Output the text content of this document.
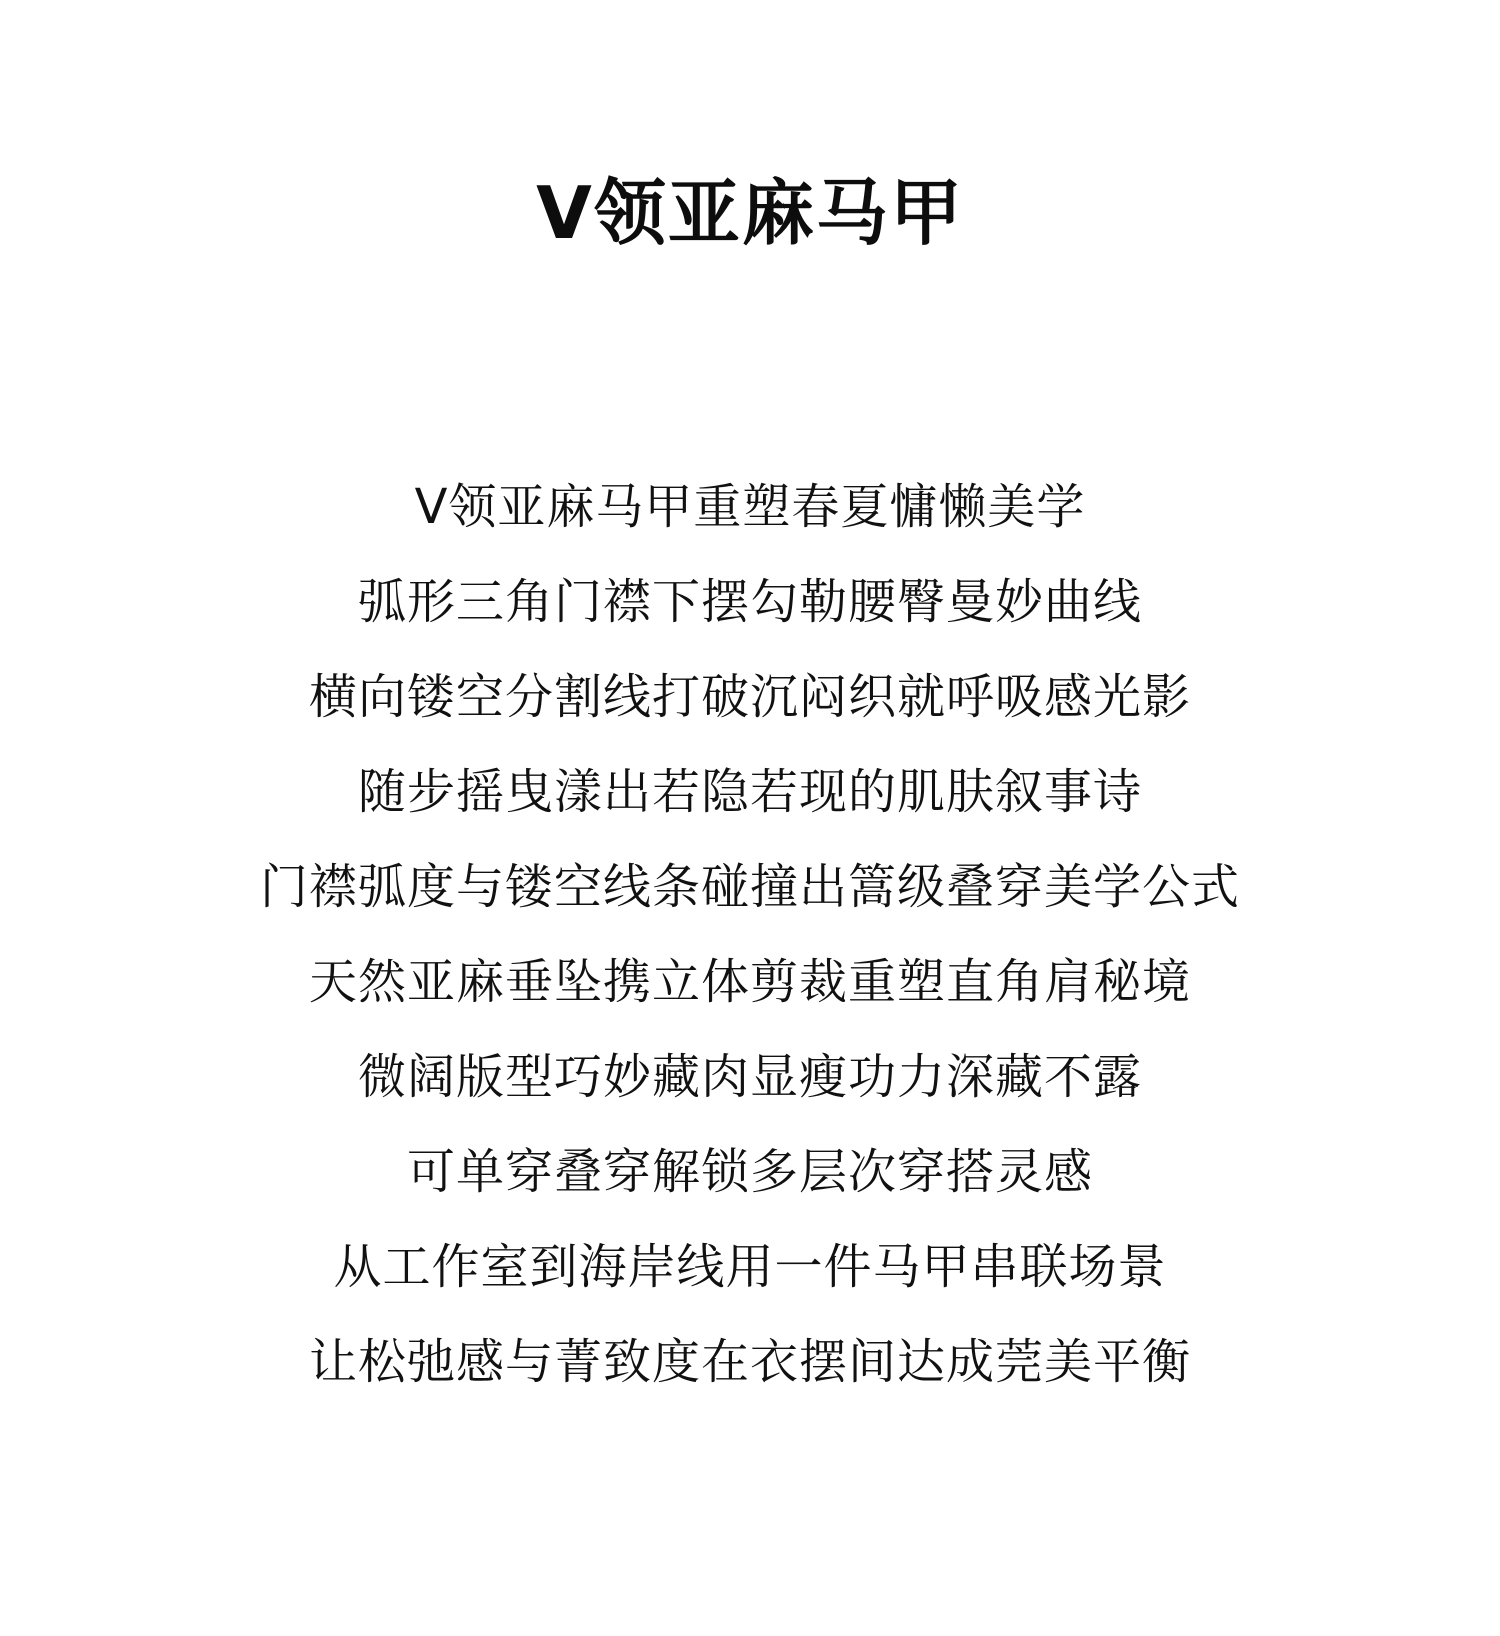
V领亚麻马甲
V领亚麻马甲重塑春夏慵懒美学
弧形三角门襟下摆勾勒腰臀曼妙曲线
横向镂空分割线打破沉闷织就呼吸感光影
随步摇曳漾出若隐若现的肌肤叙事诗
门襟弧度与镂空线条碰撞出篙级叠穿美学公式
天然亚麻垂坠携立体剪裁重塑直角肩秘境
微阔版型巧妙藏肉显瘦功力深藏不露
可单穿叠穿解锁多层次穿搭灵感
从工作室到海岸线用一件马甲串联场景
让松弛感与菁致度在衣摆间达成莞美平衡
